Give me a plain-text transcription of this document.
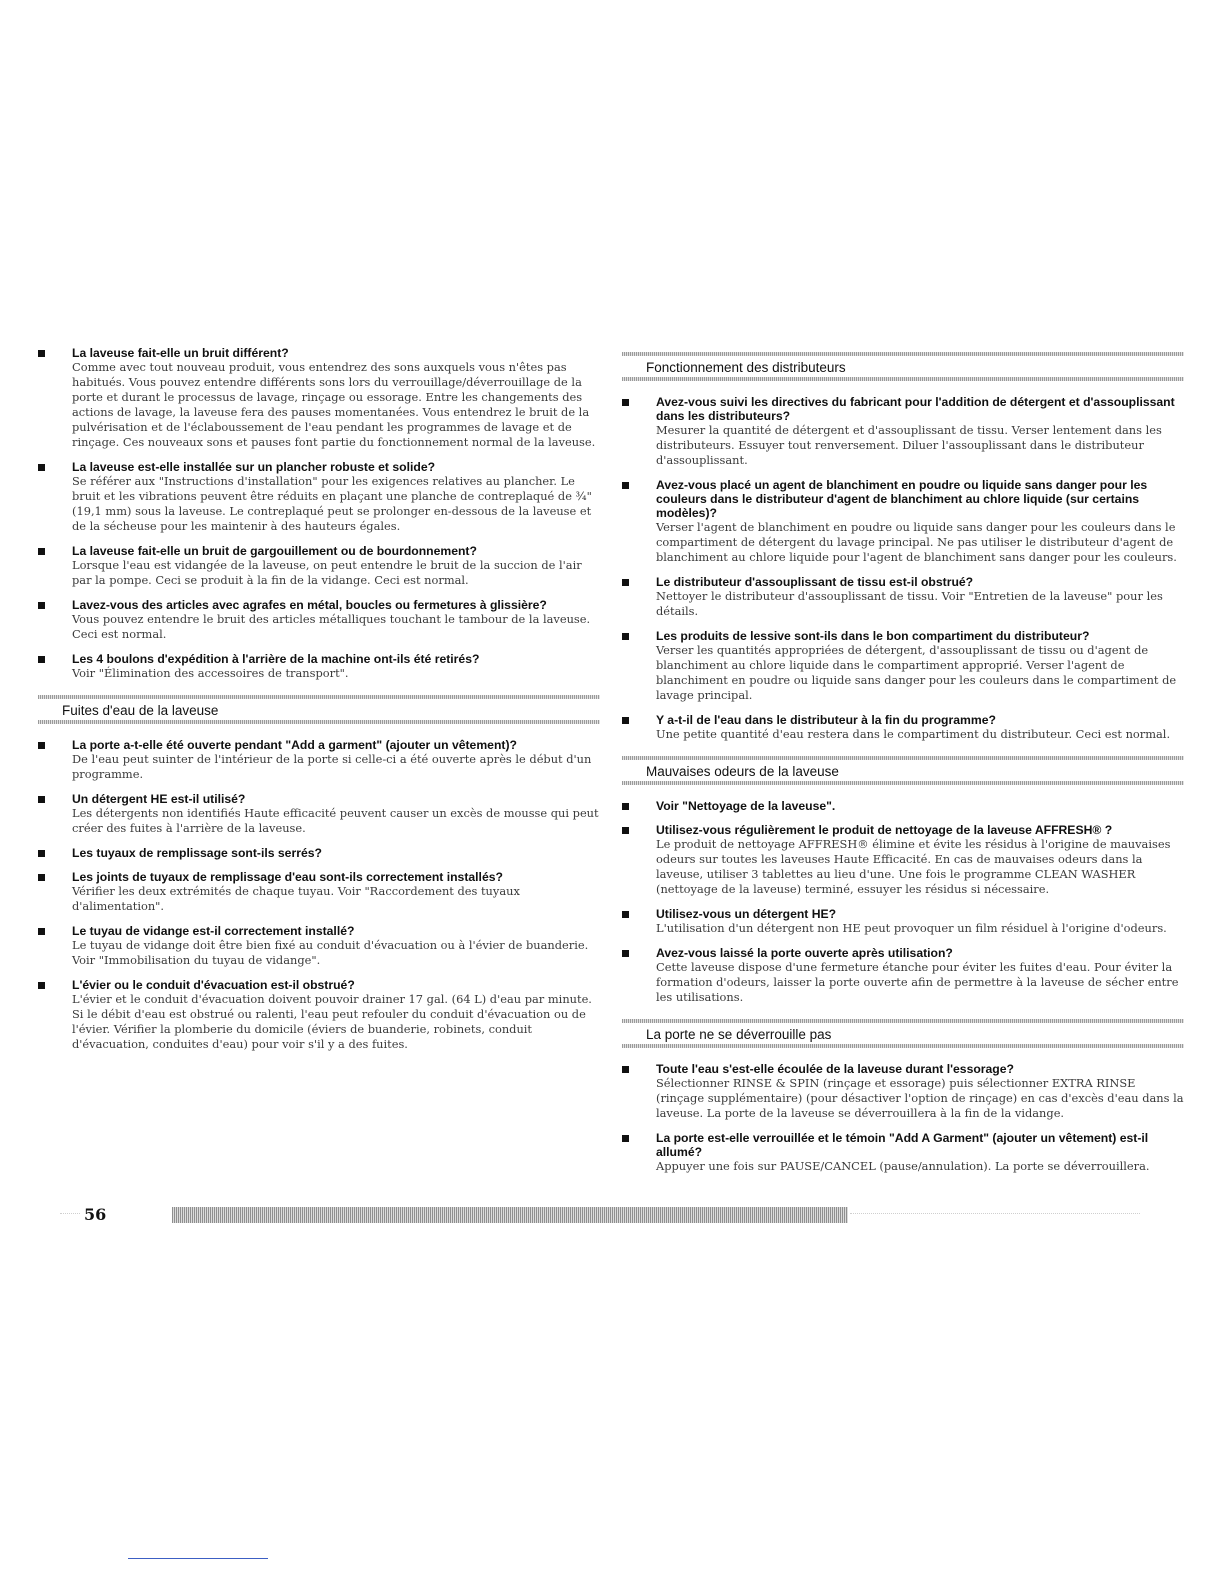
La laveuse fait-elle un bruit différent?
Comme avec tout nouveau produit, vous entendrez des sons auxquels vous n'êtes pas habitués. Vous pouvez entendre différents sons lors du verrouillage/déverrouillage de la porte et durant le processus de lavage, rinçage ou essorage. Entre les changements des actions de lavage, la laveuse fera des pauses momentanées. Vous entendrez le bruit de la pulvérisation et de l'éclaboussement de l'eau pendant les programmes de lavage et de rinçage. Ces nouveaux sons et pauses font partie du fonctionnement normal de la laveuse.
La laveuse est-elle installée sur un plancher robuste et solide?
Se référer aux "Instructions d'installation" pour les exigences relatives au plancher. Le bruit et les vibrations peuvent être réduits en plaçant une planche de contreplaqué de ¾" (19,1 mm) sous la laveuse. Le contreplaqué peut se prolonger en-dessous de la laveuse et de la sécheuse pour les maintenir à des hauteurs égales.
La laveuse fait-elle un bruit de gargouillement ou de bourdonnement?
Lorsque l'eau est vidangée de la laveuse, on peut entendre le bruit de la succion de l'air par la pompe. Ceci se produit à la fin de la vidange. Ceci est normal.
Lavez-vous des articles avec agrafes en métal, boucles ou fermetures à glissière?
Vous pouvez entendre le bruit des articles métalliques touchant le tambour de la laveuse. Ceci est normal.
Les 4 boulons d'expédition à l'arrière de la machine ont-ils été retirés?
Voir "Élimination des accessoires de transport".
Fuites d'eau de la laveuse
La porte a-t-elle été ouverte pendant "Add a garment" (ajouter un vêtement)?
De l'eau peut suinter de l'intérieur de la porte si celle-ci a été ouverte après le début d'un programme.
Un détergent HE est-il utilisé?
Les détergents non identifiés Haute efficacité peuvent causer un excès de mousse qui peut créer des fuites à l'arrière de la laveuse.
Les tuyaux de remplissage sont-ils serrés?
Les joints de tuyaux de remplissage d'eau sont-ils correctement installés?
Vérifier les deux extrémités de chaque tuyau. Voir "Raccordement des tuyaux d'alimentation".
Le tuyau de vidange est-il correctement installé?
Le tuyau de vidange doit être bien fixé au conduit d'évacuation ou à l'évier de buanderie. Voir "Immobilisation du tuyau de vidange".
L'évier ou le conduit d'évacuation est-il obstrué?
L'évier et le conduit d'évacuation doivent pouvoir drainer 17 gal. (64 L) d'eau par minute. Si le débit d'eau est obstrué ou ralenti, l'eau peut refouler du conduit d'évacuation ou de l'évier. Vérifier la plomberie du domicile (éviers de buanderie, robinets, conduit d'évacuation, conduites d'eau) pour voir s'il y a des fuites.
Fonctionnement des distributeurs
Avez-vous suivi les directives du fabricant pour l'addition de détergent et d'assouplissant dans les distributeurs?
Mesurer la quantité de détergent et d'assouplissant de tissu. Verser lentement dans les distributeurs. Essuyer tout renversement. Diluer l'assouplissant dans le distributeur d'assouplissant.
Avez-vous placé un agent de blanchiment en poudre ou liquide sans danger pour les couleurs dans le distributeur d'agent de blanchiment au chlore liquide (sur certains modèles)?
Verser l'agent de blanchiment en poudre ou liquide sans danger pour les couleurs dans le compartiment de détergent du lavage principal. Ne pas utiliser le distributeur d'agent de blanchiment au chlore liquide pour l'agent de blanchiment sans danger pour les couleurs.
Le distributeur d'assouplissant de tissu est-il obstrué?
Nettoyer le distributeur d'assouplissant de tissu. Voir "Entretien de la laveuse" pour les détails.
Les produits de lessive sont-ils dans le bon compartiment du distributeur?
Verser les quantités appropriées de détergent, d'assouplissant de tissu ou d'agent de blanchiment au chlore liquide dans le compartiment approprié. Verser l'agent de blanchiment en poudre ou liquide sans danger pour les couleurs dans le compartiment de lavage principal.
Y a-t-il de l'eau dans le distributeur à la fin du programme?
Une petite quantité d'eau restera dans le compartiment du distributeur. Ceci est normal.
Mauvaises odeurs de la laveuse
Voir "Nettoyage de la laveuse".
Utilisez-vous régulièrement le produit de nettoyage de la laveuse AFFRESH® ?
Le produit de nettoyage AFFRESH® élimine et évite les résidus à l'origine de mauvaises odeurs sur toutes les laveuses Haute Efficacité. En cas de mauvaises odeurs dans la laveuse, utiliser 3 tablettes au lieu d'une. Une fois le programme CLEAN WASHER (nettoyage de la laveuse) terminé, essuyer les résidus si nécessaire.
Utilisez-vous un détergent HE?
L'utilisation d'un détergent non HE peut provoquer un film résiduel à l'origine d'odeurs.
Avez-vous laissé la porte ouverte après utilisation?
Cette laveuse dispose d'une fermeture étanche pour éviter les fuites d'eau. Pour éviter la formation d'odeurs, laisser la porte ouverte afin de permettre à la laveuse de sécher entre les utilisations.
La porte ne se déverrouille pas
Toute l'eau s'est-elle écoulée de la laveuse durant l'essorage?
Sélectionner RINSE & SPIN (rinçage et essorage) puis sélectionner EXTRA RINSE (rinçage supplémentaire) (pour désactiver l'option de rinçage) en cas d'excès d'eau dans la laveuse. La porte de la laveuse se déverrouillera à la fin de la vidange.
La porte est-elle verrouillée et le témoin "Add A Garment" (ajouter un vêtement) est-il allumé?
Appuyer une fois sur PAUSE/CANCEL (pause/annulation). La porte se déverrouillera.
56
